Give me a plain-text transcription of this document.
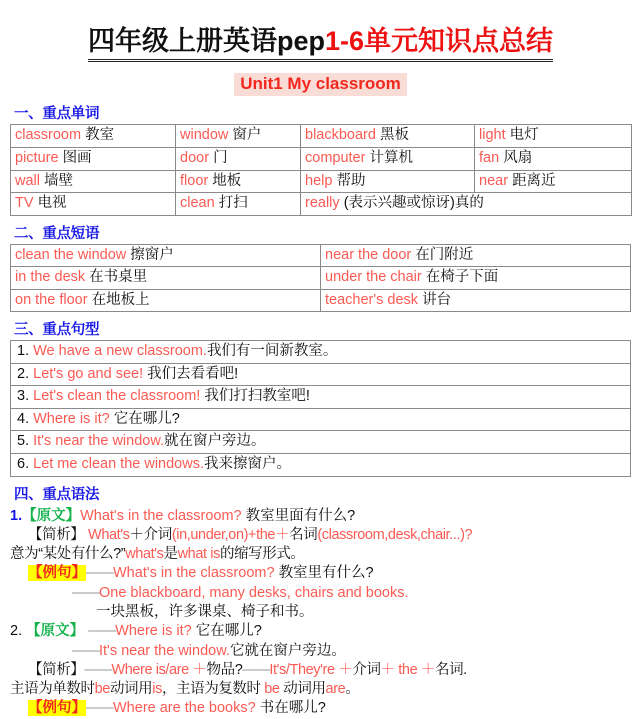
四年级上册英语pep1-6单元知识点总结
Unit1 My classroom
一、重点单词
classroom 教室	window 窗户	blackboard 黑板	light 电灯
picture 图画	door 门	computer 计算机	fan 风扇
wall 墙壁	floor 地板	help 帮助	near 距离近
TV 电视	clean 打扫	really (表示兴趣或惊讶)真的	
二、重点短语
clean the window 擦窗户	near the door 在门附近
in the desk 在书桌里	under the chair 在椅子下面
on the floor 在地板上	teacher's desk 讲台
三、重点句型
1. We have a new classroom.我们有一间新教室。
2. Let's go and see! 我们去看看吧!
3. Let's clean the classroom! 我们打扫教室吧!
4. Where is it? 它在哪儿?
5. It's near the window.就在窗户旁边。
6. Let me clean the windows.我来擦窗户。
四、重点语法
1.【原文】What's in the classroom? 教室里面有什么?
【简析】 What's＋介词(in,under,on)+the＋名词(classroom,desk,chair...)?
意为“某处有什么?”what's是what is的缩写形式。
【例句】——What's in the classroom? 教室里有什么?
——One blackboard, many desks, chairs and books.
一块黑板，许多课桌、椅子和书。
2. 【原文】 ——Where is it? 它在哪儿?
——It's near the window.它就在窗户旁边。
【简析】——Where is/are ＋物品?——It's/They're ＋介词＋ the ＋名词.
主语为单数时be动词用is，主语为复数时 be 动词用are。
【例句】——Where are the books? 书在哪儿?
